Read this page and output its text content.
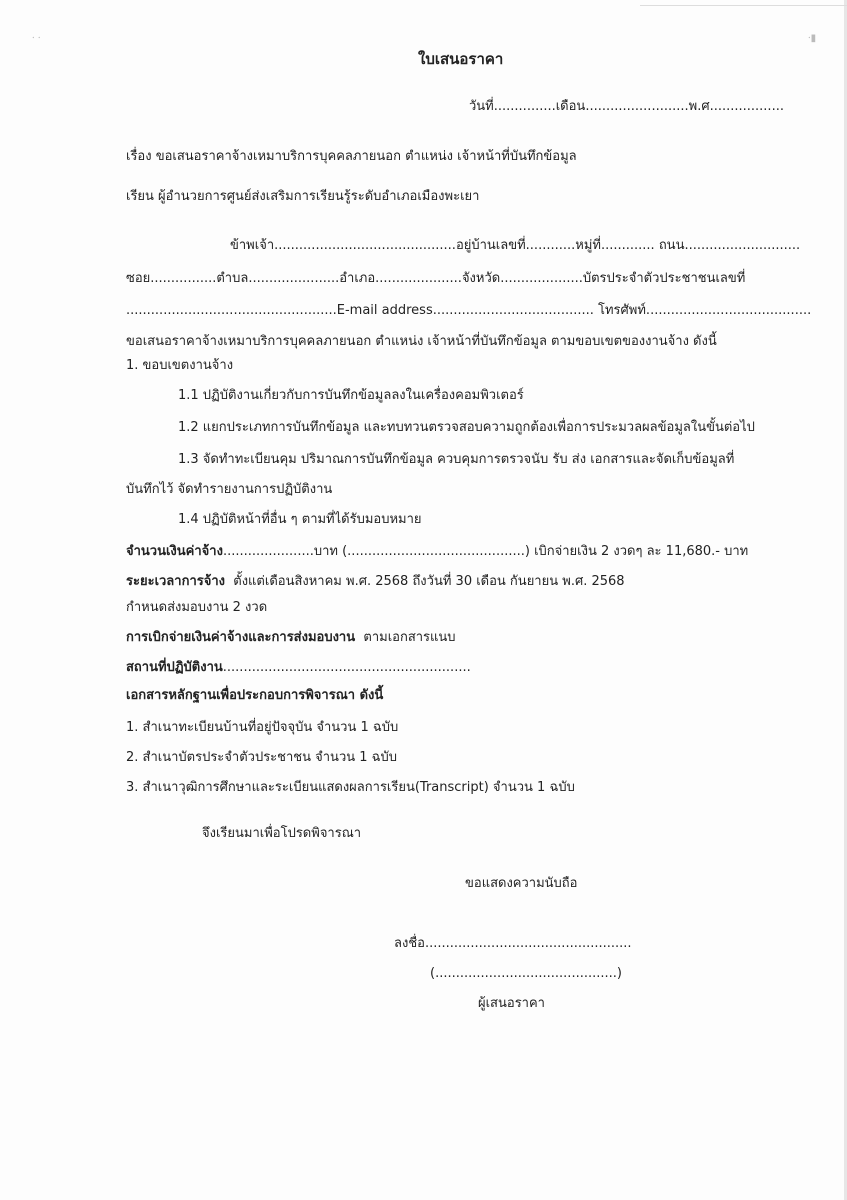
⸱ ⸱	⸱▮
ใบเสนอราคา
วันที่...............เดือน.........................พ.ศ..................
เรื่อง ขอเสนอราคาจ้างเหมาบริการบุคคลภายนอก ตำแหน่ง เจ้าหน้าที่บันทึกข้อมูล
เรียน ผู้อำนวยการศูนย์ส่งเสริมการเรียนรู้ระดับอำเภอเมืองพะเยา
ข้าพเจ้า............................................อยู่บ้านเลขที่............หมู่ที่............. ถนน............................
ซอย................ตำบล......................อำเภอ.....................จังหวัด....................บัตรประจำตัวประชาชนเลขที่
...................................................E-mail address....................................... โทรศัพท์........................................
ขอเสนอราคาจ้างเหมาบริการบุคคลภายนอก ตำแหน่ง เจ้าหน้าที่บันทึกข้อมูล ตามขอบเขตของงานจ้าง ดังนี้
1. ขอบเขตงานจ้าง
1.1 ปฏิบัติงานเกี่ยวกับการบันทึกข้อมูลลงในเครื่องคอมพิวเตอร์
1.2 แยกประเภทการบันทึกข้อมูล และทบทวนตรวจสอบความถูกต้องเพื่อการประมวลผลข้อมูลในขั้นต่อไป
1.3 จัดทำทะเบียนคุม ปริมาณการบันทึกข้อมูล ควบคุมการตรวจนับ รับ ส่ง เอกสารและจัดเก็บข้อมูลที่
บันทึกไว้ จัดทำรายงานการปฏิบัติงาน
1.4 ปฏิบัติหน้าที่อื่น ๆ ตามที่ได้รับมอบหมาย
จำนวนเงินค่าจ้าง......................บาท (...........................................) เบิกจ่ายเงิน 2 งวดๆ ละ 11,680.- บาท
ระยะเวลาการจ้าง ตั้งแต่เดือนสิงหาคม พ.ศ. 2568 ถึงวันที่ 30 เดือน กันยายน พ.ศ. 2568
กำหนดส่งมอบงาน 2 งวด
การเบิกจ่ายเงินค่าจ้างและการส่งมอบงาน ตามเอกสารแนบ
สถานที่ปฏิบัติงาน............................................................
เอกสารหลักฐานเพื่อประกอบการพิจารณา ดังนี้
1. สำเนาทะเบียนบ้านที่อยู่ปัจจุบัน จำนวน 1 ฉบับ
2. สำเนาบัตรประจำตัวประชาชน จำนวน 1 ฉบับ
3. สำเนาวุฒิการศึกษาและระเบียนแสดงผลการเรียน(Transcript) จำนวน 1 ฉบับ
จึงเรียนมาเพื่อโปรดพิจารณา
ขอแสดงความนับถือ
ลงชื่อ..................................................
(............................................)
ผู้เสนอราคา
